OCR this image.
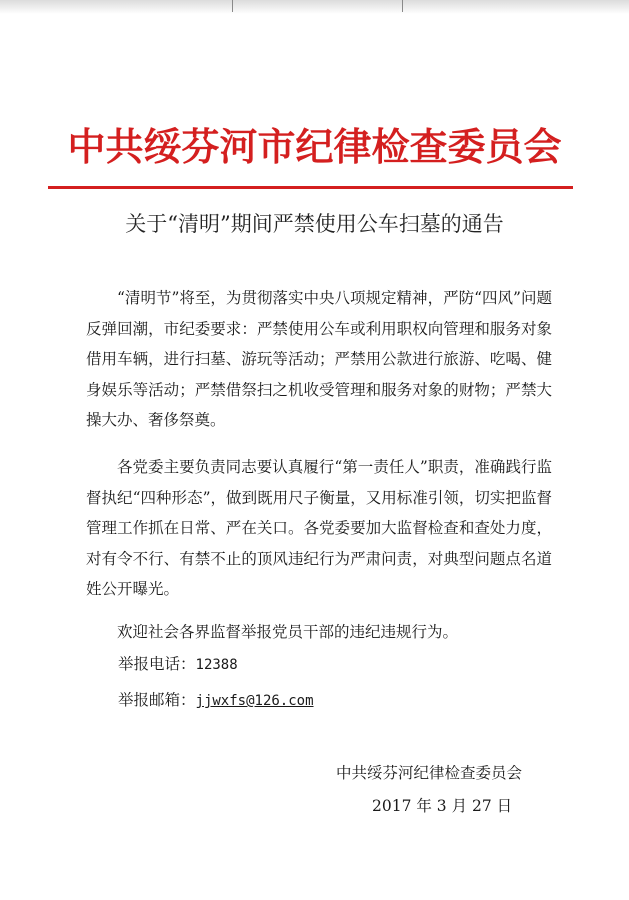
中共绥芬河市纪律检查委员会
关于“清明”期间严禁使用公车扫墓的通告

“清明节”将至，为贯彻落实中央八项规定精神，严防“四风”问题反弹回潮，市纪委要求：严禁使用公车或利用职权向管理和服务对象借用车辆，进行扫墓、游玩等活动；严禁用公款进行旅游、吃喝、健身娱乐等活动；严禁借祭扫之机收受管理和服务对象的财物；严禁大操大办、奢侈祭奠。

各党委主要负责同志要认真履行“第一责任人”职责，准确践行监督执纪“四种形态”，做到既用尺子衡量，又用标准引领，切实把监督管理工作抓在日常、严在关口。各党委要加大监督检查和查处力度，对有令不行、有禁不止的顶风违纪行为严肃问责，对典型问题点名道姓公开曝光。

欢迎社会各界监督举报党员干部的违纪违规行为。

举报电话：12388
举报邮箱：jjwxfs@126.com
中共绥芬河纪律检查委员会
2017 年 3 月 27 日
